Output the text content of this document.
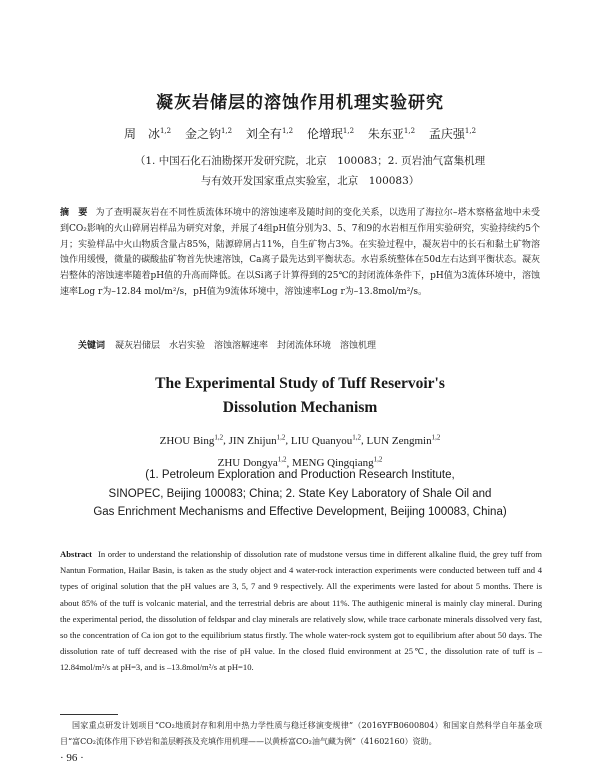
凝灰岩储层的溶蚀作用机理实验研究
周　冰$^{1,2}$ 金之钧$^{1,2}$ 刘全有$^{1,2}$ 伦增珉$^{1,2}$ 朱东亚$^{1,2}$ 孟庆强$^{1,2}$
（1. 中国石化石油勘探开发研究院，北京　100083；2. 页岩油气富集机理
与有效开发国家重点实验室，北京　100083）
摘　要 为了查明凝灰岩在不同性质流体环境中的溶蚀速率及随时间的变化关系，以选用了海拉尔–塔木察格盆地中未受到CO₂影响的火山碎屑岩样品为研究对象，并展了4组pH值分别为3、5、7和9的水岩相互作用实验研究，实验持续约5个月；实验样品中火山物质含量占85%，陆源碎屑占11%，自生矿物占3%。在实验过程中，凝灰岩中的长石和黏土矿物溶蚀作用缓慢，微量的碳酸盐矿物首先快速溶蚀，Ca离子最先达到平衡状态。水岩系统整体在50d左右达到平衡状态。凝灰岩整体的溶蚀速率随着pH值的升高而降低。在以Si离子计算得到的25℃的封闭流体条件下，pH值为3流体环境中，溶蚀速率Log r为–12.84 mol/m²/s，pH值为9流体环境中，溶蚀速率Log r为–13.8mol/m²/s。
关键词 凝灰岩储层　水岩实验　溶蚀溶解速率　封闭流体环境　溶蚀机理
The Experimental Study of Tuff Reservoir's
Dissolution Mechanism
ZHOU Bing$^{1,2}$, JIN Zhijun$^{1,2}$, LIU Quanyou$^{1,2}$, LUN Zengmin$^{1,2}$
ZHU Dongya$^{1,2}$, MENG Qingqiang$^{1,2}$
(1. Petroleum Exploration and Production Research Institute,
SINOPEC, Beijing 100083; China; 2. State Key Laboratory of Shale Oil and
Gas Enrichment Mechanisms and Effective Development, Beijing 100083, China)
Abstract In order to understand the relationship of dissolution rate of mudstone versus time in different alkaline fluid, the grey tuff from Nantun Formation, Hailar Basin, is taken as the study object and 4 water-rock interaction experiments were conducted between tuff and 4 types of original solution that the pH values are 3, 5, 7 and 9 respectively. All the experiments were lasted for about 5 months. There is about 85% of the tuff is volcanic material, and the terrestrial debris are about 11%. The authigenic mineral is mainly clay mineral. During the experimental period, the dissolution of feldspar and clay minerals are relatively slow, while trace carbonate minerals dissolved very fast, so the concentration of Ca ion got to the equilibrium status firstly. The whole water-rock system got to equilibrium after about 50 days. The dissolution rate of tuff decreased with the rise of pH value. In the closed fluid environment at 25℃, the dissolution rate of tuff is –12.84mol/m²/s at pH=3, and is –13.8mol/m²/s at pH=10.
国家重点研发计划项目“CO₂地质封存和利用中热力学性质与稳迁移演变规律”（2016YFB0600804）和国家自然科学自年基金项目“富CO₂流体作用下砂岩和盖层孵孩及充填作用机理——以黄桥富CO₂油气藏为例”（41602160）资助。
· 96 ·
